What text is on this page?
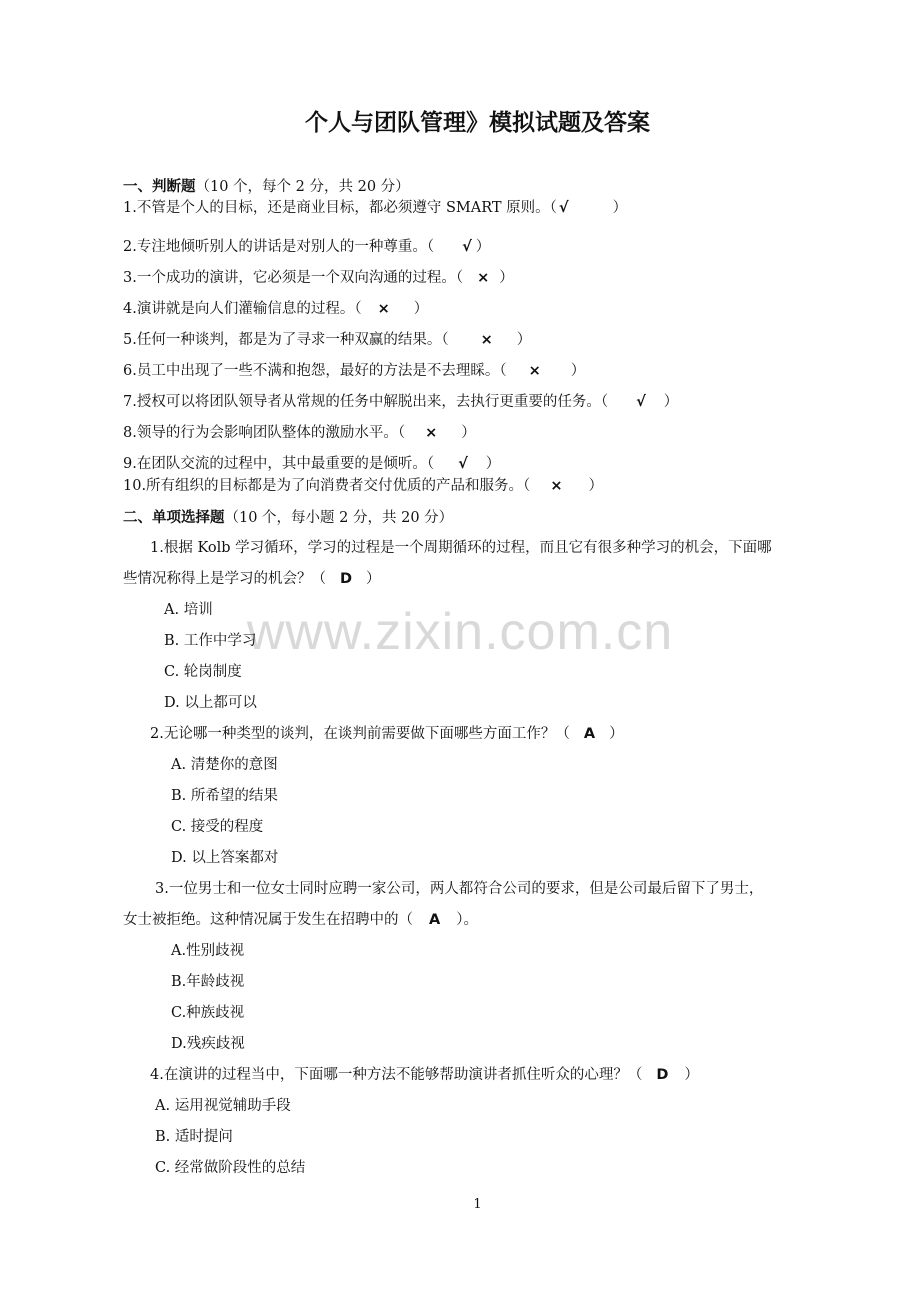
www.zixin.com.cn
个人与团队管理》模拟试题及答案
一、判断题（10 个，每个 2 分，共 20 分）
1.不管是个人的目标，还是商业目标，都必须遵守 SMART 原则。（ √	）
2.专注地倾听别人的讲话是对别人的一种尊重。（ √ ）
3.一个成功的演讲，它必须是一个双向沟通的过程。（ × ）
4.演讲就是向人们灌输信息的过程。（ × ）
5.任何一种谈判，都是为了寻求一种双赢的结果。（ × ）
6.员工中出现了一些不满和抱怨，最好的方法是不去理睬。（ × ）
7.授权可以将团队领导者从常规的任务中解脱出来，去执行更重要的任务。（ √ ）
8.领导的行为会影响团队整体的激励水平。（ × ）
9.在团队交流的过程中，其中最重要的是倾听。（ √ ）
10.所有组织的目标都是为了向消费者交付优质的产品和服务。（ × ）
二、单项选择题（10 个，每小题 2 分，共 20 分）
1.根据 Kolb 学习循环，学习的过程是一个周期循环的过程，而且它有很多种学习的机会，下面哪
些情况称得上是学习的机会？（ D ）
A. 培训
B. 工作中学习
C. 轮岗制度
D. 以上都可以
2.无论哪一种类型的谈判，在谈判前需要做下面哪些方面工作？（ A ）
A. 清楚你的意图
B. 所希望的结果
C. 接受的程度
D. 以上答案都对
3.一位男士和一位女士同时应聘一家公司，两人都符合公司的要求，但是公司最后留下了男士，
女士被拒绝。这种情况属于发生在招聘中的（ A ）。
A.性别歧视
B.年龄歧视
C.种族歧视
D.残疾歧视
4.在演讲的过程当中，下面哪一种方法不能够帮助演讲者抓住听众的心理？（ D ）
A. 运用视觉辅助手段
B. 适时提问
C. 经常做阶段性的总结
1
